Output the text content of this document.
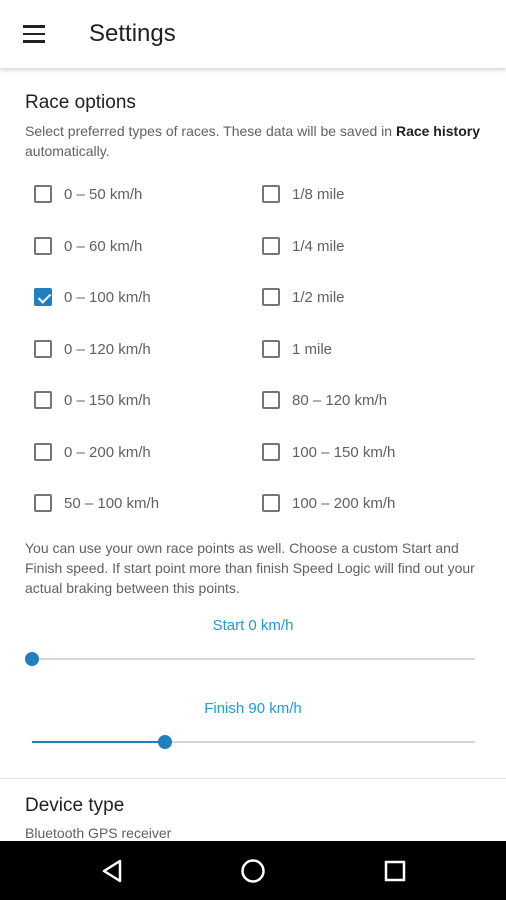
Settings
Race options
Select preferred types of races. These data will be saved in Race history automatically.
0 – 50 km/h
0 – 60 km/h
0 – 100 km/h
0 – 120 km/h
0 – 150 km/h
0 – 200 km/h
50 – 100 km/h
1/8 mile
1/4 mile
1/2 mile
1 mile
80 – 120 km/h
100 – 150 km/h
100 – 200 km/h
You can use your own race points as well. Choose a custom Start and Finish speed. If start point more than finish Speed Logic will find out your actual braking between this points.
Start 0 km/h
Finish 90 km/h
Device type
Bluetooth GPS receiver
